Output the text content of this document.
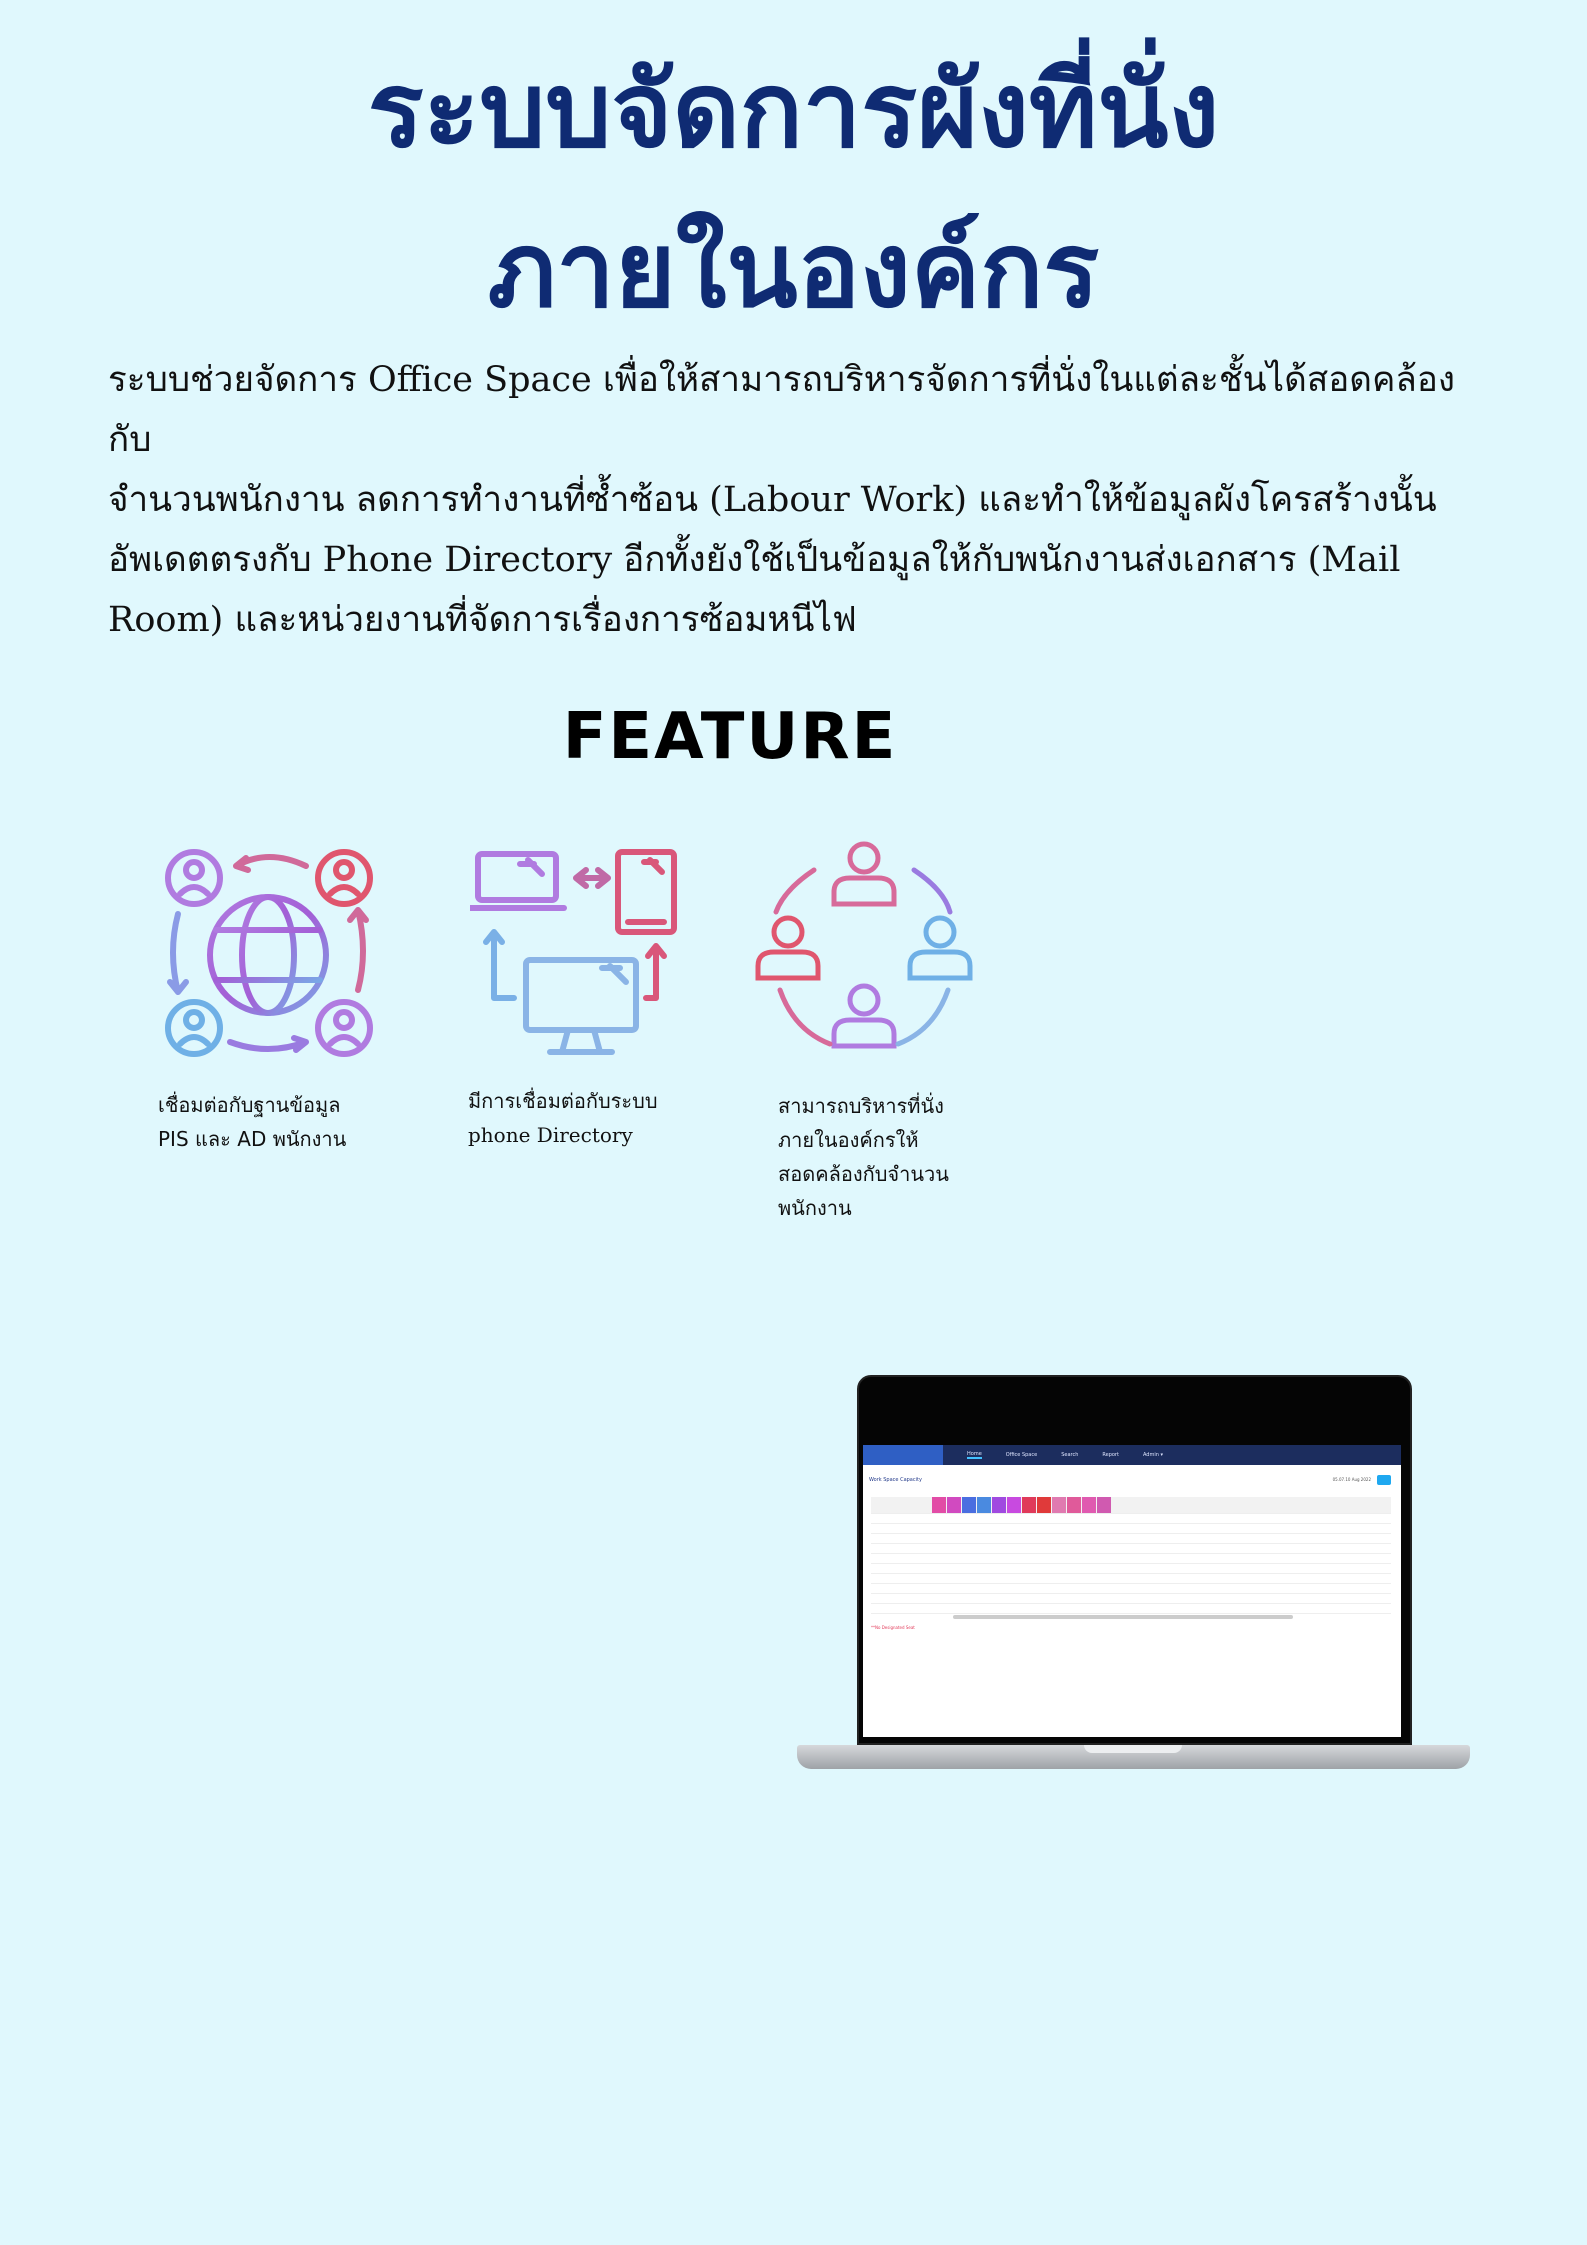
ระบบจัดการผังที่นั่ง
ภายในองค์กร

ระบบช่วยจัดการ Office Space เพื่อให้สามารถบริหารจัดการที่นั่งในแต่ละชั้นได้สอดคล้องกับ
จำนวนพนักงาน ลดการทำงานที่ซ้ำซ้อน (Labour Work) และทำให้ข้อมูลผังโครสร้างนั้น
อัพเดตตรงกับ Phone Directory อีกทั้งยังใช้เป็นข้อมูลให้กับพนักงานส่งเอกสาร (Mail
Room) และหน่วยงานที่จัดการเรื่องการซ้อมหนีไฟ

FEATURE

เชื่อมต่อกับฐานข้อมูล
PIS และ AD พนักงาน

มีการเชื่อมต่อกับระบบ
phone Directory

สามารถบริหารที่นั่ง
ภายในองค์กรให้
สอดคล้องกับจำนวน
พนักงาน

Home	Office Space	Search	Report	Admin ▾
Work Space Capacity	05.07.10 Aug 2022
**No Designated Seat
